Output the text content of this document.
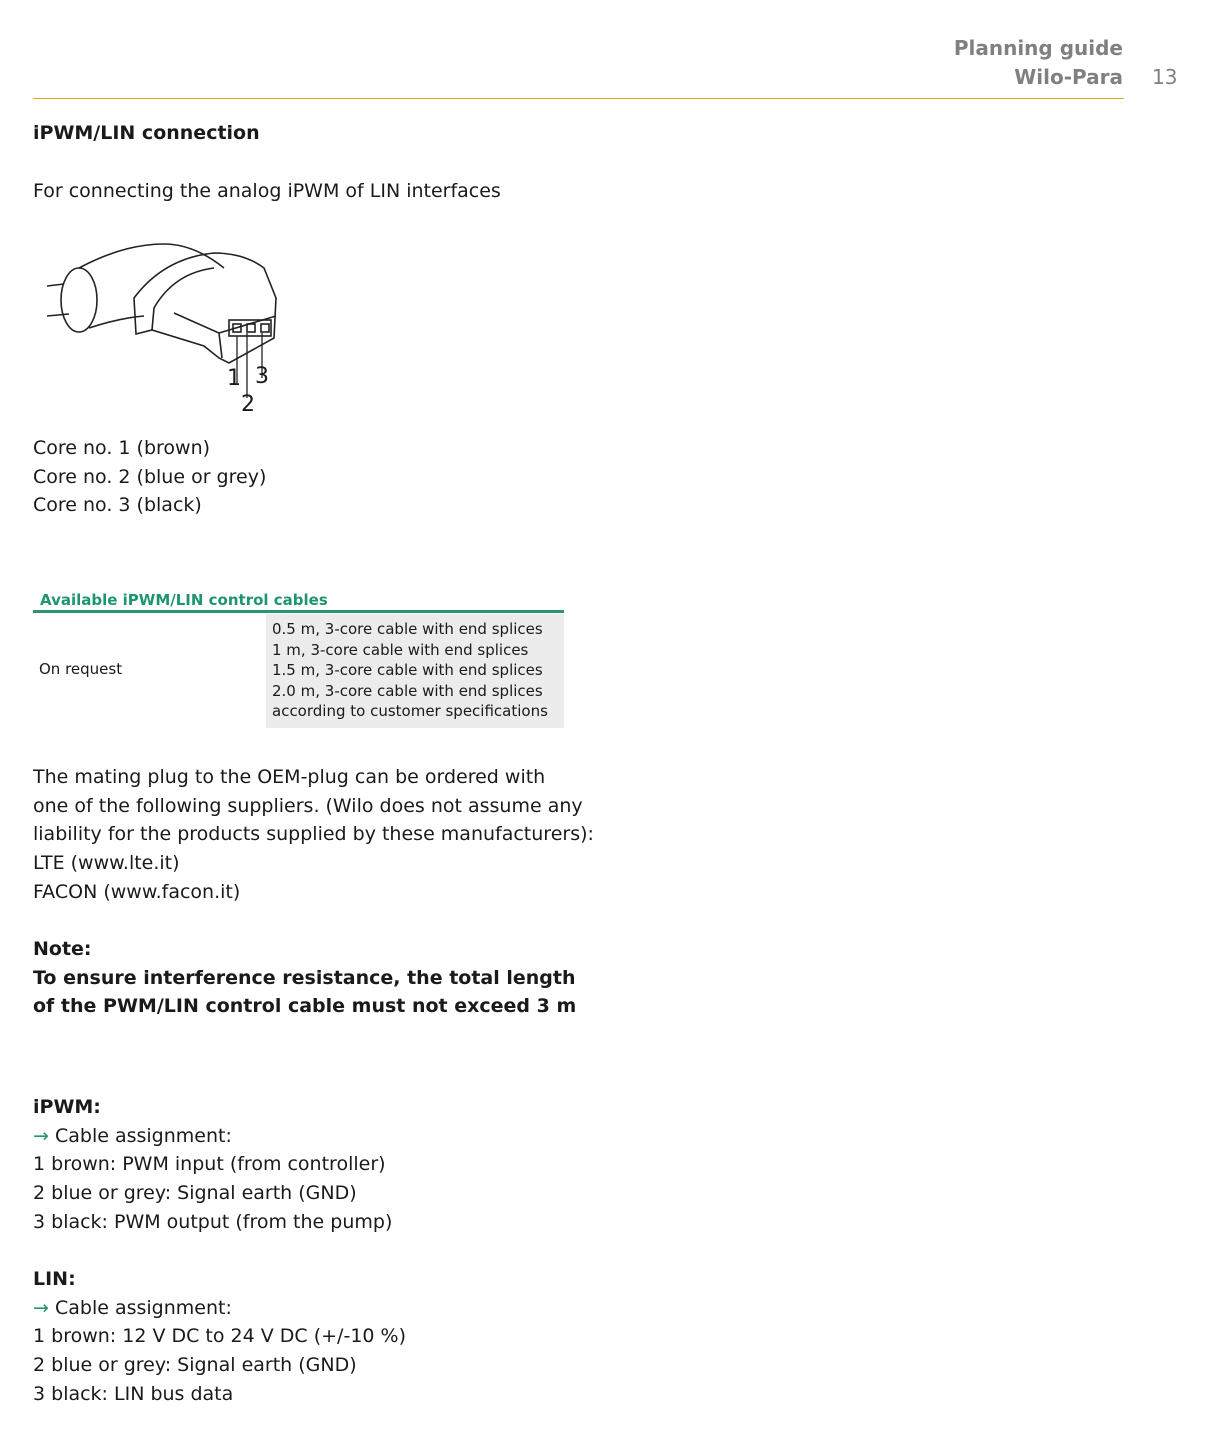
Planning guide
Wilo-Para 13
iPWM/LIN connection
For connecting the analog iPWM of LIN interfaces
1
2
3
Core no. 1 (brown)
Core no. 2 (blue or grey)
Core no. 3 (black)
Available iPWM/LIN control cables
On request
0.5 m, 3-core cable with end splices
1 m, 3-core cable with end splices
1.5 m, 3-core cable with end splices
2.0 m, 3-core cable with end splices
according to customer specifications
The mating plug to the OEM-plug can be ordered with
one of the following suppliers. (Wilo does not assume any
liability for the products supplied by these manufacturers):
LTE (www.lte.it)
FACON (www.facon.it)
Note:
To ensure interference resistance, the total length
of the PWM/LIN control cable must not exceed 3 m
iPWM:
→ Cable assignment:
1 brown: PWM input (from controller)
2 blue or grey: Signal earth (GND)
3 black: PWM output (from the pump)
LIN:
→ Cable assignment:
1 brown: 12 V DC to 24 V DC (+/-10 %)
2 blue or grey: Signal earth (GND)
3 black: LIN bus data
